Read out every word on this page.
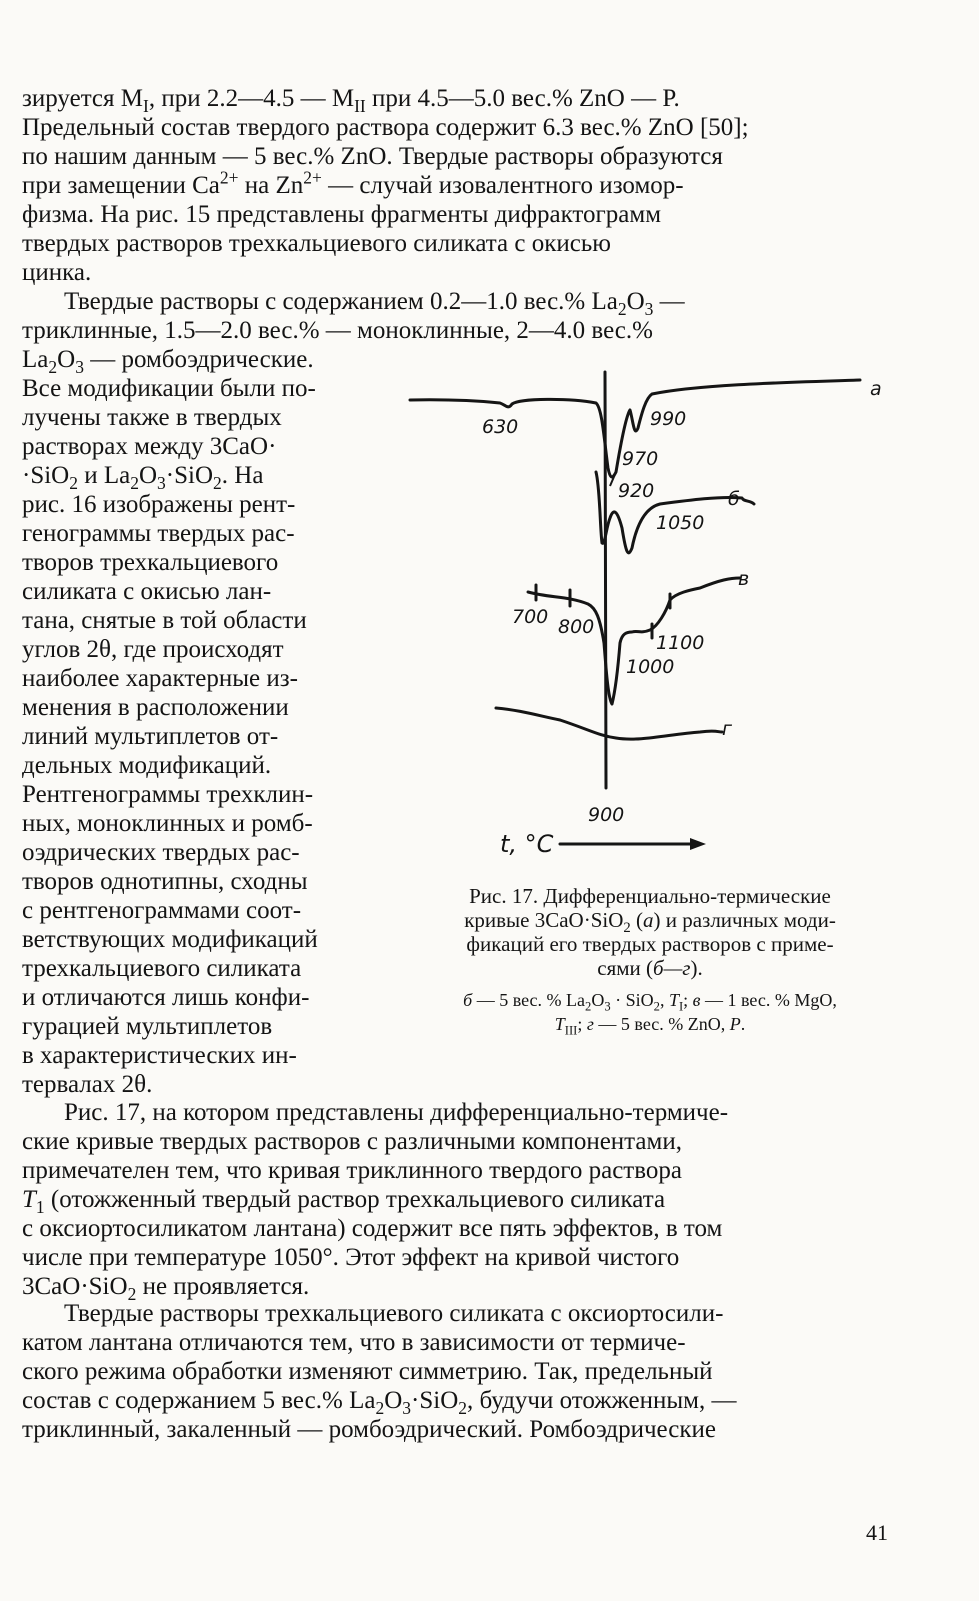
зируется $M_I$, при 2.2—4.5 — $M_{II}$ при 4.5—5.0 вес.% ZnO — P.
Предельный состав твердого раствора содержит 6.3 вес.% ZnO [50];
по нашим данным — 5 вес.% ZnO. Твердые растворы образуются
при замещении $Ca^{2+}$ на $Zn^{2+}$ — случай изовалентного изомор-
физма. На рис. 15 представлены фрагменты дифрактограмм
твердых растворов трехкальциевого силиката с окисью
цинка.
Твердые растворы с содержанием 0.2—1.0 вес.% $La_2O_3$ —
триклинные, 1.5—2.0 вес.% — моноклинные, 2—4.0 вес.%
$La_2O_3$ — ромбоэдрические.
Все модификации были по-
лучены также в твердых
растворах между 3CaO·
·SiO$_2$ и $La_2O_3\cdot SiO_2$. На
рис. 16 изображены рент-
генограммы твердых рас-
творов трехкальциевого
силиката с окисью лан-
тана, снятые в той области
углов 2θ, где происходят
наиболее характерные из-
менения в расположении
линий мультиплетов от-
дельных модификаций.
Рентгенограммы трехклин-
ных, моноклинных и ромб-
оэдрических твердых рас-
творов однотипны, сходны
с рентгенограммами соот-
ветствующих модификаций
трехкальциевого силиката
и отличаются лишь конфи-
гурацией мультиплетов
в характеристических ин-
тервалах 2θ.
а
б
в
г
630	990
970
920
1050
700 800
1100
1000
900
t, °C
Рис. 17. Дифференциально-термические
кривые 3CaO·SiO$_2$ (а) и различных моди-
фикаций его твердых растворов с приме-
сями (б—г).
б — 5 вес. % $La_2O_3 \cdot SiO_2$, $T_I$; в — 1 вес. % MgO,
$T_{III}$; г — 5 вес. % ZnO, P.
Рис. 17, на котором представлены дифференциально-термиче-
ские кривые твердых растворов с различными компонентами,
примечателен тем, что кривая триклинного твердого раствора
$T_1$ (отожженный твердый раствор трехкальциевого силиката
с оксиортосиликатом лантана) содержит все пять эффектов, в том
числе при температуре 1050°. Этот эффект на кривой чистого
3CaO·SiO$_2$ не проявляется.
Твердые растворы трехкальциевого силиката с оксиортосили-
катом лантана отличаются тем, что в зависимости от термиче-
ского режима обработки изменяют симметрию. Так, предельный
состав с содержанием 5 вес.% $La_2O_3\cdot SiO_2$, будучи отожженным, —
триклинный, закаленный — ромбоэдрический. Ромбоэдрические
41
